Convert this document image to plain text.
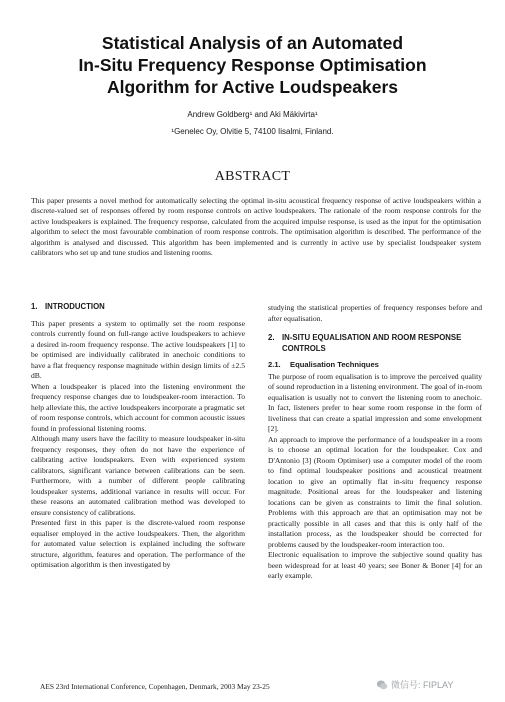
Statistical Analysis of an Automated
In-Situ Frequency Response Optimisation
Algorithm for Active Loudspeakers
Andrew Goldberg¹ and Aki Mäkivirta¹
¹Genelec Oy, Olvitie 5, 74100 Iisalmi, Finland.
ABSTRACT
This paper presents a novel method for automatically selecting the optimal in-situ acoustical frequency response of active loudspeakers within a discrete-valued set of responses offered by room response controls on active loudspeakers. The rationale of the room response controls for the active loudspeakers is explained. The frequency response, calculated from the acquired impulse response, is used as the input for the optimisation algorithm to select the most favourable combination of room response controls. The optimisation algorithm is described. The performance of the algorithm is analysed and discussed. This algorithm has been implemented and is currently in active use by specialist loudspeaker system calibrators who set up and tune studios and listening rooms.
1. INTRODUCTION

This paper presents a system to optimally set the room response controls currently found on full-range active loudspeakers to achieve a desired in-room frequency response. The active loudspeakers [1] to be optimised are individually calibrated in anechoic conditions to have a flat frequency response magnitude within design limits of ±2.5 dB.

When a loudspeaker is placed into the listening environment the frequency response changes due to loudspeaker-room interaction. To help alleviate this, the active loudspeakers incorporate a pragmatic set of room response controls, which account for common acoustic issues found in professional listening rooms.

Although many users have the facility to measure loudspeaker in-situ frequency responses, they often do not have the experience of calibrating active loudspeakers. Even with experienced system calibrators, significant variance between calibrations can be seen. Furthermore, with a number of different people calibrating loudspeaker systems, additional variance in results will occur. For these reasons an automated calibration method was developed to ensure consistency of calibrations.

Presented first in this paper is the discrete-valued room response equaliser employed in the active loudspeakers. Then, the algorithm for automated value selection is explained including the software structure, algorithm, features and operation. The performance of the optimisation algorithm is then investigated by

studying the statistical properties of frequency responses before and after equalisation.

2. IN-SITU EQUALISATION AND ROOM RESPONSE CONTROLS
2.1. Equalisation Techniques

The purpose of room equalisation is to improve the perceived quality of sound reproduction in a listening environment. The goal of in-room equalisation is usually not to convert the listening room to anechoic. In fact, listeners prefer to hear some room response in the form of liveliness that can create a spatial impression and some envelopment [2].

An approach to improve the performance of a loudspeaker in a room is to choose an optimal location for the loudspeaker. Cox and D'Antonio [3] (Room Optimiser) use a computer model of the room to find optimal loudspeaker positions and acoustical treatment location to give an optimally flat in-situ frequency response magnitude. Positional areas for the loudspeaker and listening locations can be given as constraints to limit the final solution. Problems with this approach are that an optimisation may not be practically possible in all cases and that this is only half of the installation process, as the loudspeaker should be corrected for problems caused by the loudspeaker-room interaction too.

Electronic equalisation to improve the subjective sound quality has been widespread for at least 40 years; see Boner & Boner [4] for an early example.

AES 23rd International Conference, Copenhagen, Denmark, 2003 May 23-25	微信号: FIPLAY
